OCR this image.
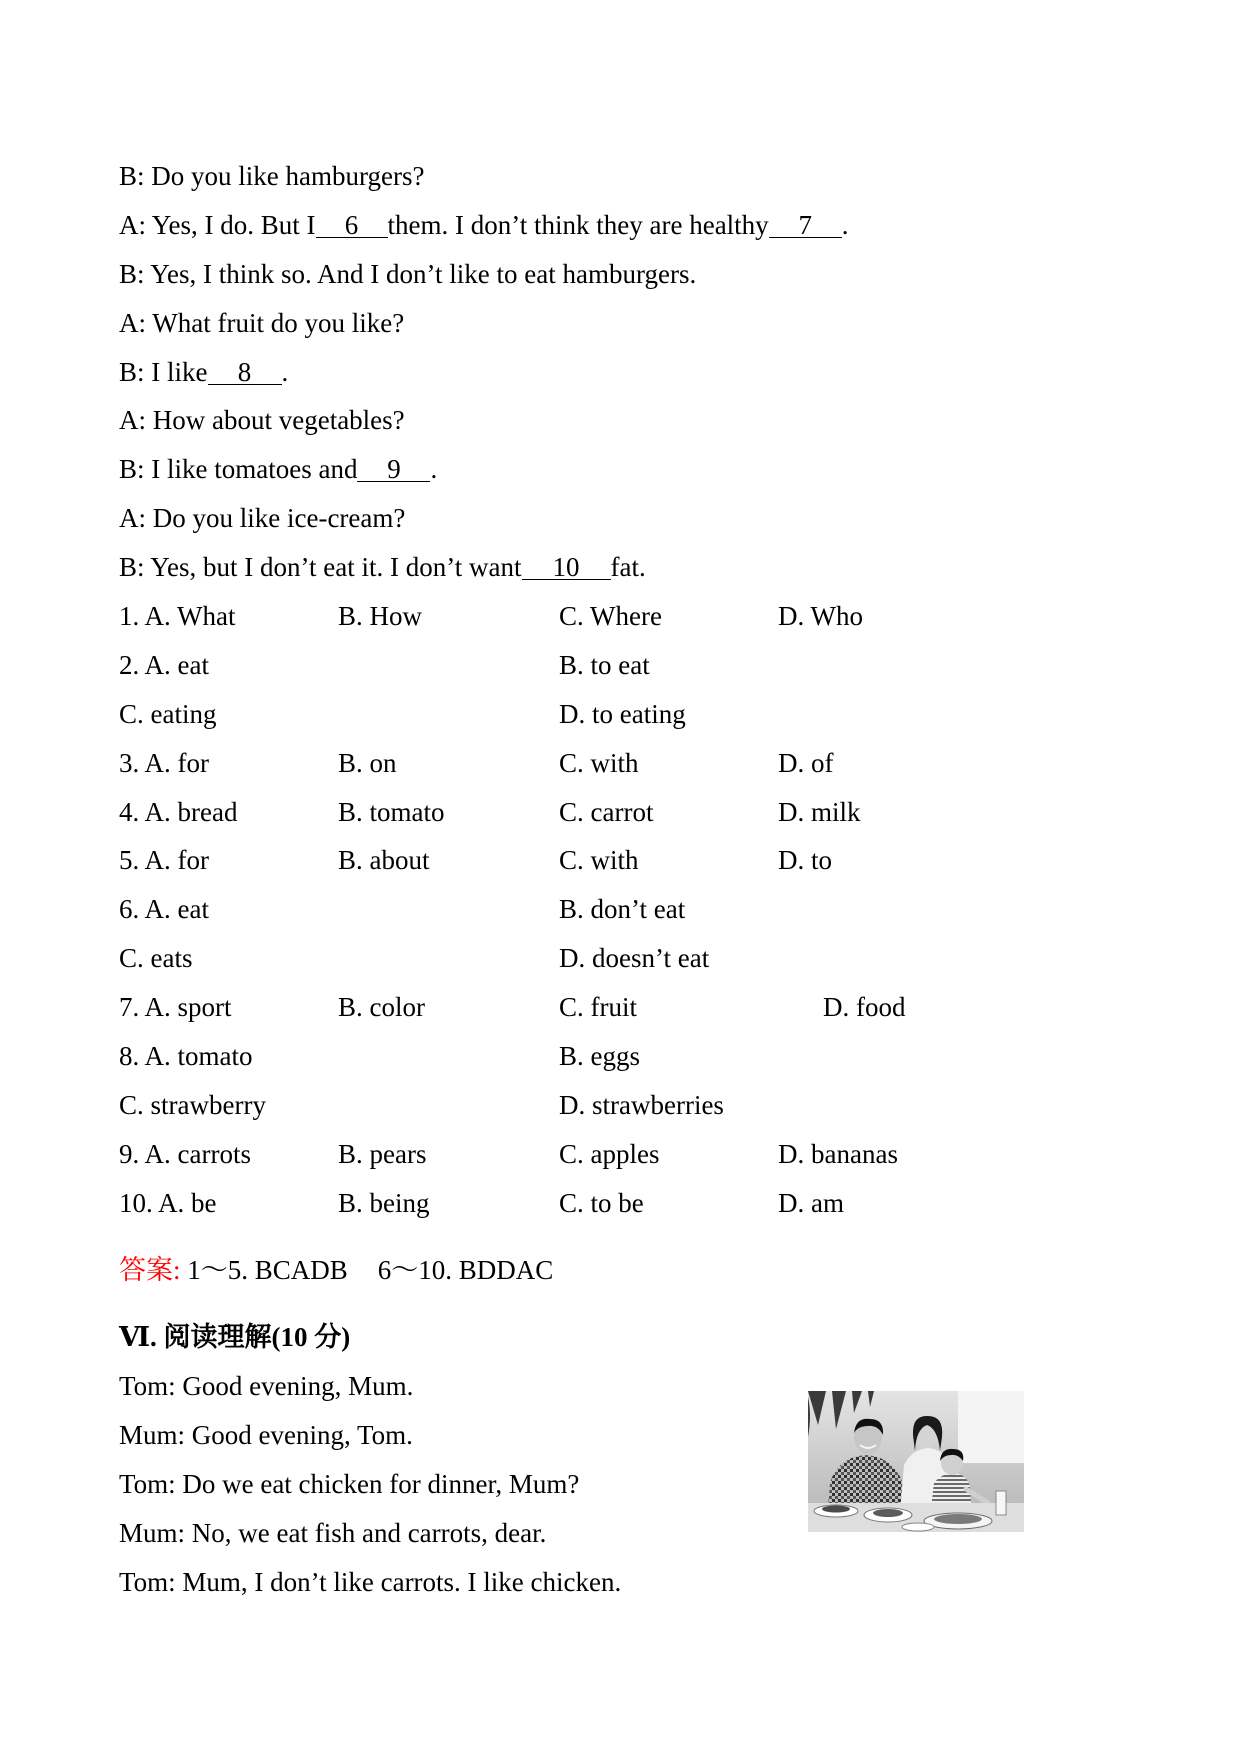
B: Do you like hamburgers?
A: Yes, I do. But I 6 them. I don’t think they are healthy 7 .
B: Yes, I think so. And I don’t like to eat hamburgers.
A: What fruit do you like?
B: I like 8 .
A: How about vegetables?
B: I like tomatoes and 9 .
A: Do you like ice-cream?
B: Yes, but I don’t eat it. I don’t want 10 fat.
1. A. What	B. How	C. Where	D. Who
2. A. eat	B. to eat
C. eating	D. to eating
3. A. for	B. on	C. with	D. of
4. A. bread	B. tomato	C. carrot	D. milk
5. A. for	B. about	C. with	D. to
6. A. eat	B. don’t eat
C. eats	D. doesn’t eat
7. A. sport	B. color	C. fruit	D. food
8. A. tomato	B. eggs
C. strawberry	D. strawberries
9. A. carrots	B. pears	C. apples	D. bananas
10. A. be	B. being	C. to be	D. am
答案: 1～5. BCADB 6～10. BDDAC
Ⅵ. 阅读理解(10 分)
Tom: Good evening, Mum.
Mum: Good evening, Tom.
Tom: Do we eat chicken for dinner, Mum?
Mum: No, we eat fish and carrots, dear.
Tom: Mum, I don’t like carrots. I like chicken.
